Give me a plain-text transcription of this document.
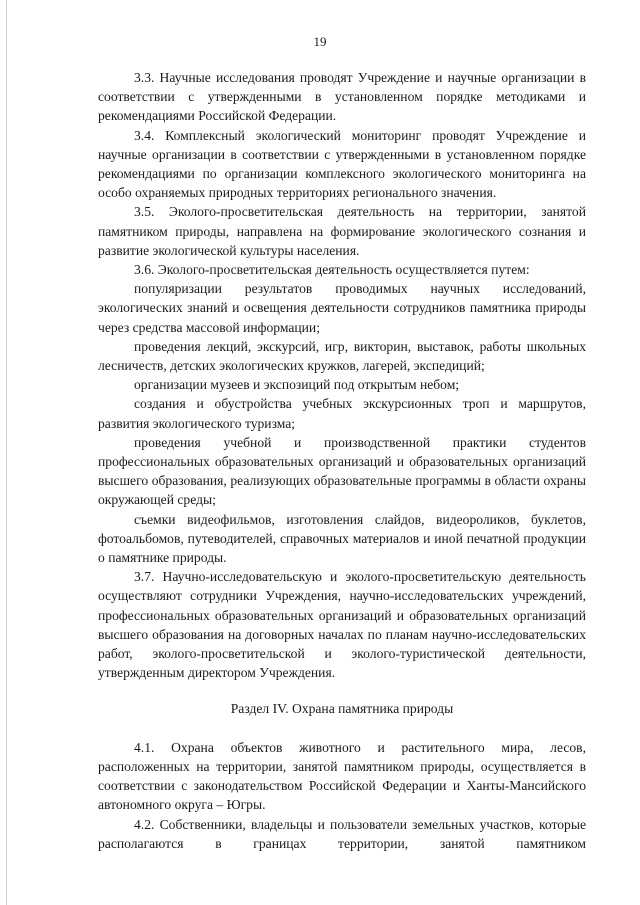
19

3.3. Научные исследования проводят Учреждение и научные организации в соответствии с утвержденными в установленном порядке методиками и рекомендациями Российской Федерации.

3.4. Комплексный экологический мониторинг проводят Учреждение и научные организации в соответствии с утвержденными в установленном порядке рекомендациями по организации комплексного экологического мониторинга на особо охраняемых природных территориях регионального значения.

3.5. Эколого-просветительская деятельность на территории, занятой памятником природы, направлена на формирование экологического сознания и развитие экологической культуры населения.

3.6. Эколого-просветительская деятельность осуществляется путем:

популяризации результатов проводимых научных исследований, экологических знаний и освещения деятельности сотрудников памятника природы через средства массовой информации;

проведения лекций, экскурсий, игр, викторин, выставок, работы школьных лесничеств, детских экологических кружков, лагерей, экспедиций;

организации музеев и экспозиций под открытым небом;

создания и обустройства учебных экскурсионных троп и маршрутов, развития экологического туризма;

проведения учебной и производственной практики студентов профессиональных образовательных организаций и образовательных организаций высшего образования, реализующих образовательные программы в области охраны окружающей среды;

съемки видеофильмов, изготовления слайдов, видеороликов, буклетов, фотоальбомов, путеводителей, справочных материалов и иной печатной продукции о памятнике природы.

3.7. Научно-исследовательскую и эколого-просветительскую деятельность осуществляют сотрудники Учреждения, научно-исследовательских учреждений, профессиональных образовательных организаций и образовательных организаций высшего образования на договорных началах по планам научно-исследовательских работ, эколого-просветительской и эколого-туристической деятельности, утвержденным директором Учреждения.

Раздел IV. Охрана памятника природы

4.1. Охрана объектов животного и растительного мира, лесов, расположенных на территории, занятой памятником природы, осуществляется в соответствии с законодательством Российской Федерации и Ханты-Мансийского автономного округа – Югры.

4.2. Собственники, владельцы и пользователи земельных участков, которые располагаются в границах территории, занятой памятником
